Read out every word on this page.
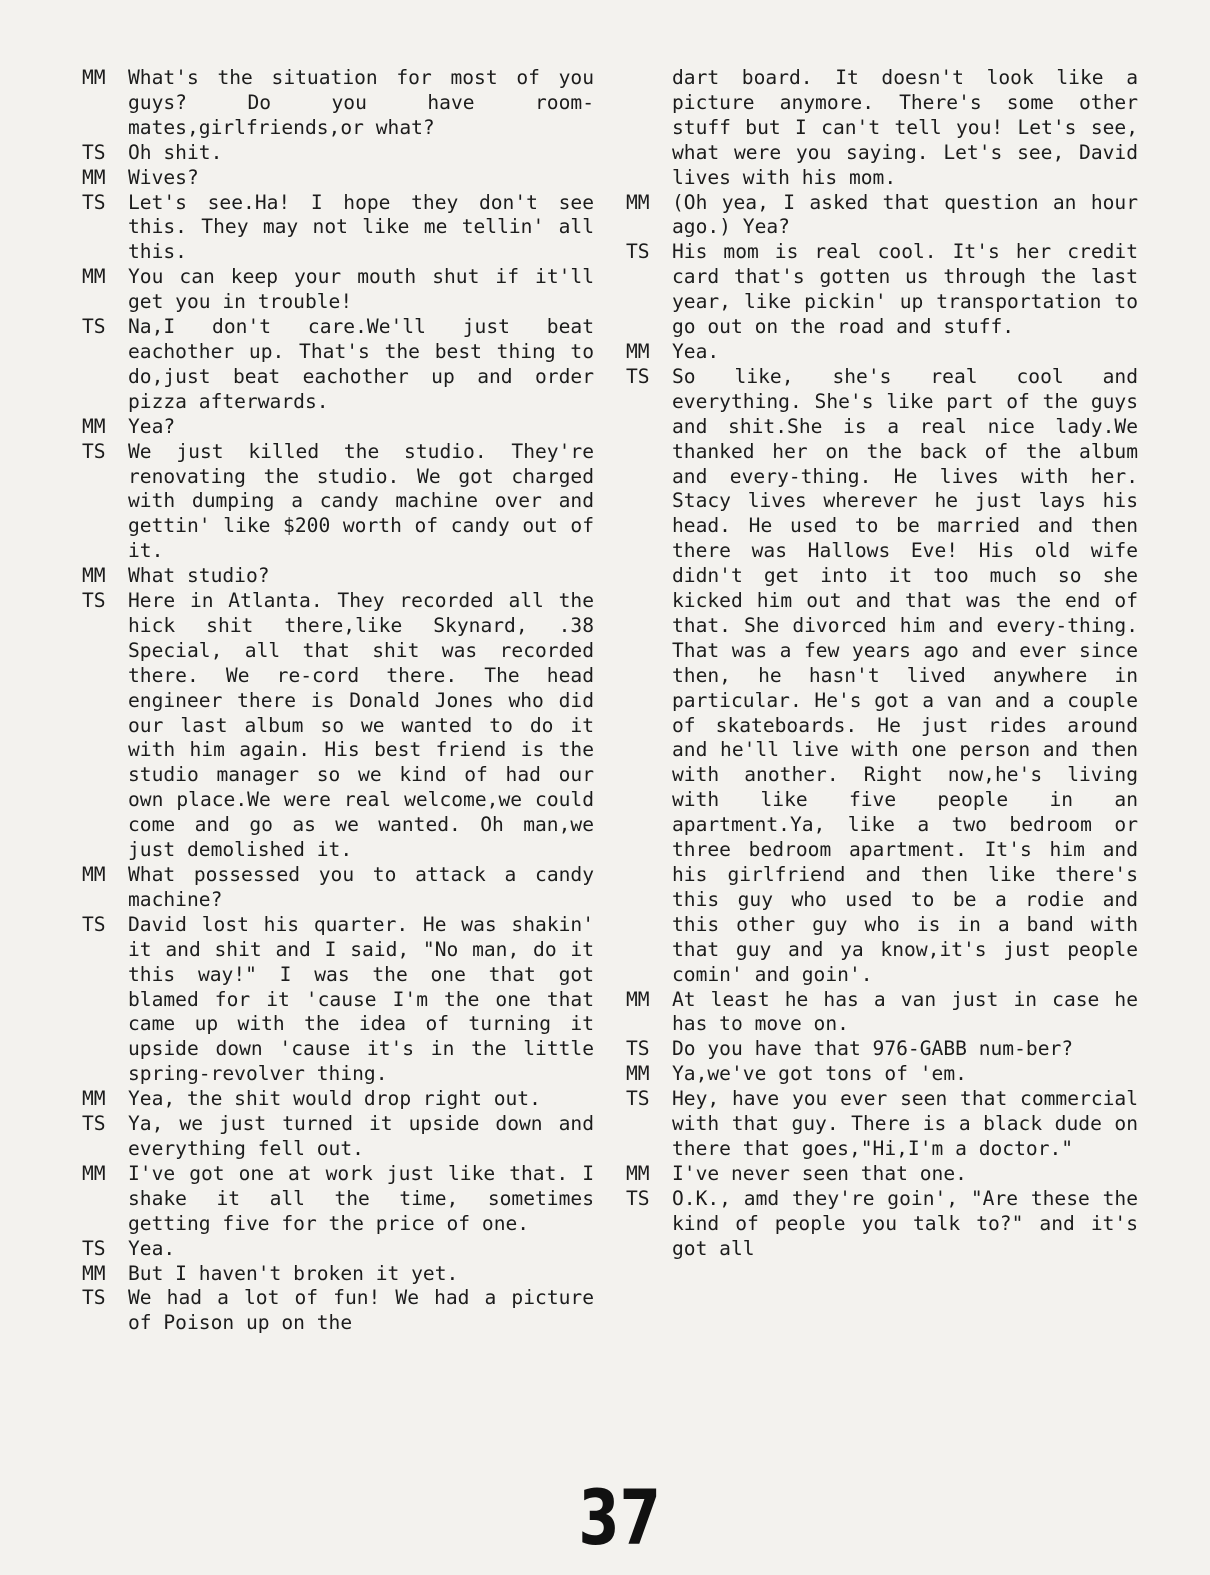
MM	What's the situation for most of you guys? Do you have room-mates,girlfriends,or what?
TS	Oh shit.
MM	Wives?
TS	Let's see.Ha! I hope they don't see this. They may not like me tellin' all this.
MM	You can keep your mouth shut if it'll get you in trouble!
TS	Na,I don't care.We'll just beat eachother up. That's the best thing to do,just beat eachother up and order pizza afterwards.
MM	Yea?
TS	We just killed the studio. They're renovating the studio. We got charged with dumping a candy machine over and gettin' like $200 worth of candy out of it.
MM	What studio?
TS	Here in Atlanta. They recorded all the hick shit there,like Skynard, .38 Special, all that shit was recorded there. We re-cord there. The head engineer there is Donald Jones who did our last album so we wanted to do it with him again. His best friend is the studio manager so we kind of had our own place.We were real welcome,we could come and go as we wanted. Oh man,we just demolished it.
MM	What possessed you to attack a candy machine?
TS	David lost his quarter. He was shakin' it and shit and I said, "No man, do it this way!" I was the one that got blamed for it 'cause I'm the one that came up with the idea of turning it upside down 'cause it's in the little spring-revolver thing.
MM	Yea, the shit would drop right out.
TS	Ya, we just turned it upside down and everything fell out.
MM	I've got one at work just like that. I shake it all the time, sometimes getting five for the price of one.
TS	Yea.
MM	But I haven't broken it yet.
TS	We had a lot of fun! We had a picture of Poison up on the
dart board. It doesn't look like a picture anymore. There's some other stuff but I can't tell you! Let's see, what were you saying. Let's see, David lives with his mom.
MM	(Oh yea, I asked that question an hour ago.) Yea?
TS	His mom is real cool. It's her credit card that's gotten us through the last year, like pickin' up transportation to go out on the road and stuff.
MM	Yea.
TS	So like, she's real cool and everything. She's like part of the guys and shit.She is a real nice lady.We thanked her on the back of the album and every-thing. He lives with her. Stacy lives wherever he just lays his head. He used to be married and then there was Hallows Eve! His old wife didn't get into it too much so she kicked him out and that was the end of that. She divorced him and every-thing. That was a few years ago and ever since then, he hasn't lived anywhere in particular. He's got a van and a couple of skateboards. He just rides around and he'll live with one person and then with another. Right now,he's living with like five people in an apartment.Ya, like a two bedroom or three bedroom apartment. It's him and his girlfriend and then like there's this guy who used to be a rodie and this other guy who is in a band with that guy and ya know,it's just people comin' and goin'.
MM	At least he has a van just in case he has to move on.
TS	Do you have that 976-GABB num-ber?
MM	Ya,we've got tons of 'em.
TS	Hey, have you ever seen that commercial with that guy. There is a black dude on there that goes,"Hi,I'm a doctor."
MM	I've never seen that one.
TS	O.K., amd they're goin', "Are these the kind of people you talk to?" and it's got all
37
